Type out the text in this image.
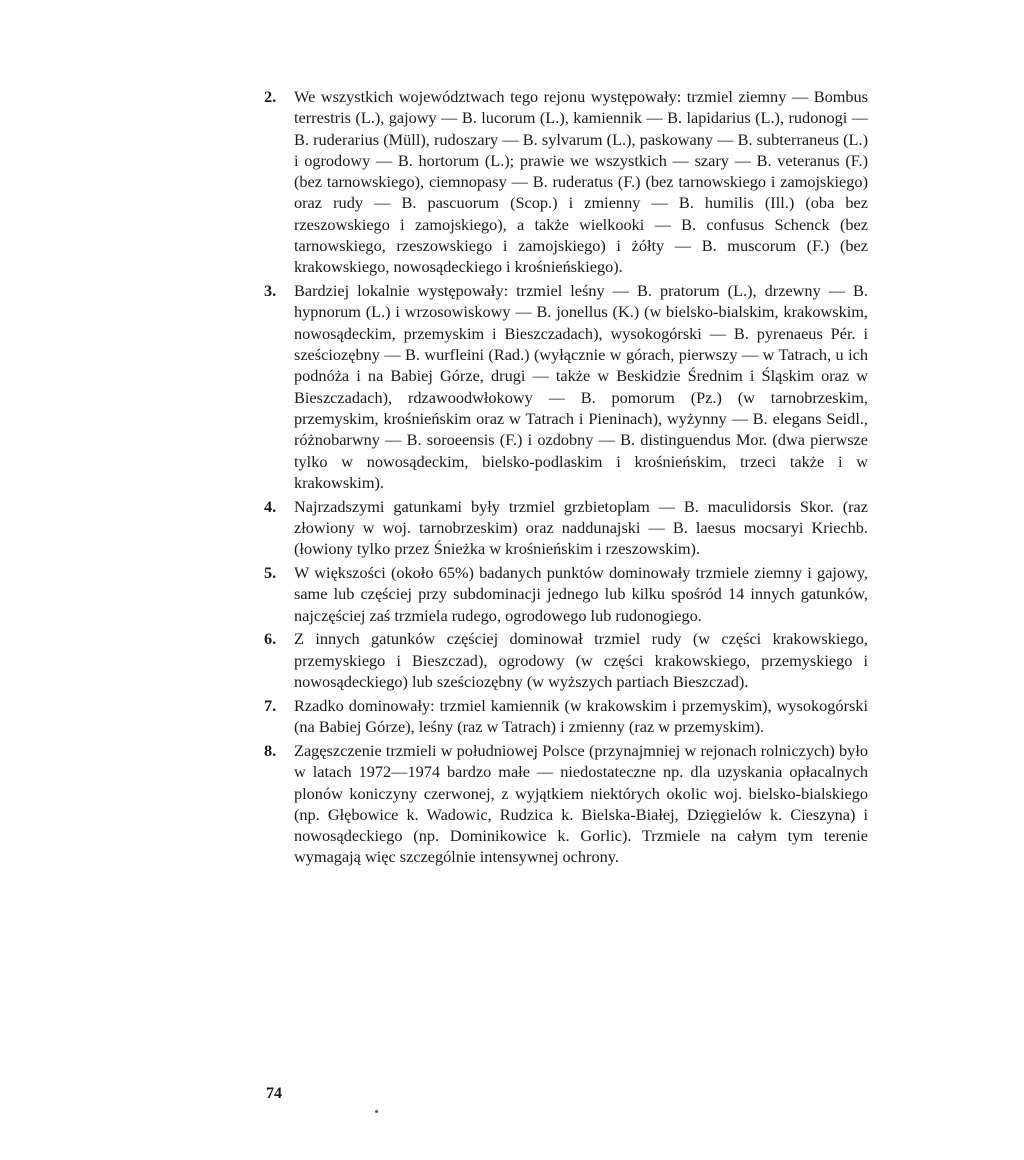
2.	We wszystkich województwach tego rejonu występowały: trzmiel ziemny — Bombus terrestris (L.), gajowy — B. lucorum (L.), kamiennik — B. lapidarius (L.), rudonogi — B. ruderarius (Müll), rudoszary — B. sylvarum (L.), paskowany — B. subterraneus (L.) i ogrodowy — B. hortorum (L.); prawie we wszystkich — szary — B. veteranus (F.) (bez tarnowskiego), ciemnopasy — B. ruderatus (F.) (bez tarnowskiego i zamojskiego) oraz rudy — B. pascuorum (Scop.) i zmienny — B. humilis (Ill.) (oba bez rzeszowskiego i zamojskiego), a także wielkooki — B. confusus Schenck (bez tarnowskiego, rzeszowskiego i zamojskiego) i żółty — B. muscorum (F.) (bez krakowskiego, nowosądeckiego i krośnieńskiego).
3.	Bardziej lokalnie występowały: trzmiel leśny — B. pratorum (L.), drzewny — B. hypnorum (L.) i wrzosowiskowy — B. jonellus (K.) (w bielsko-bialskim, krakowskim, nowosądeckim, przemyskim i Bieszczadach), wysokogórski — B. pyrenaeus Pér. i sześciozębny — B. wurfleini (Rad.) (wyłącznie w górach, pierwszy — w Tatrach, u ich podnóża i na Babiej Górze, drugi — także w Beskidzie Średnim i Śląskim oraz w Bieszczadach), rdzawoodwłokowy — B. pomorum (Pz.) (w tarnobrzeskim, przemyskim, krośnieńskim oraz w Tatrach i Pieninach), wyżynny — B. elegans Seidl., różnobarwny — B. soroeensis (F.) i ozdobny — B. distinguendus Mor. (dwa pierwsze tylko w nowosądeckim, bielsko-podlaskim i krośnieńskim, trzeci także i w krakowskim).
4.	Najrzadszymi gatunkami były trzmiel grzbietoplam — B. maculidorsis Skor. (raz złowiony w woj. tarnobrzeskim) oraz naddunajski — B. laesus mocsaryi Kriechb. (łowiony tylko przez Śnieżka w krośnieńskim i rzeszowskim).
5.	W większości (około 65%) badanych punktów dominowały trzmiele ziemny i gajowy, same lub częściej przy subdominacji jednego lub kilku spośród 14 innych gatunków, najczęściej zaś trzmiela rudego, ogrodowego lub rudonogiego.
6.	Z innych gatunków częściej dominował trzmiel rudy (w części krakowskiego, przemyskiego i Bieszczad), ogrodowy (w części krakowskiego, przemyskiego i nowosądeckiego) lub sześciozębny (w wyższych partiach Bieszczad).
7.	Rzadko dominowały: trzmiel kamiennik (w krakowskim i przemyskim), wysokogórski (na Babiej Górze), leśny (raz w Tatrach) i zmienny (raz w przemyskim).
8.	Zagęszczenie trzmieli w południowej Polsce (przynajmniej w rejonach rolniczych) było w latach 1972—1974 bardzo małe — niedostateczne np. dla uzyskania opłacalnych plonów koniczyny czerwonej, z wyjątkiem niektórych okolic woj. bielsko-bialskiego (np. Głębowice k. Wadowic, Rudzica k. Bielska-Białej, Dzięgielów k. Cieszyna) i nowosądeckiego (np. Dominikowice k. Gorlic). Trzmiele na całym tym terenie wymagają więc szczególnie intensywnej ochrony.
74
